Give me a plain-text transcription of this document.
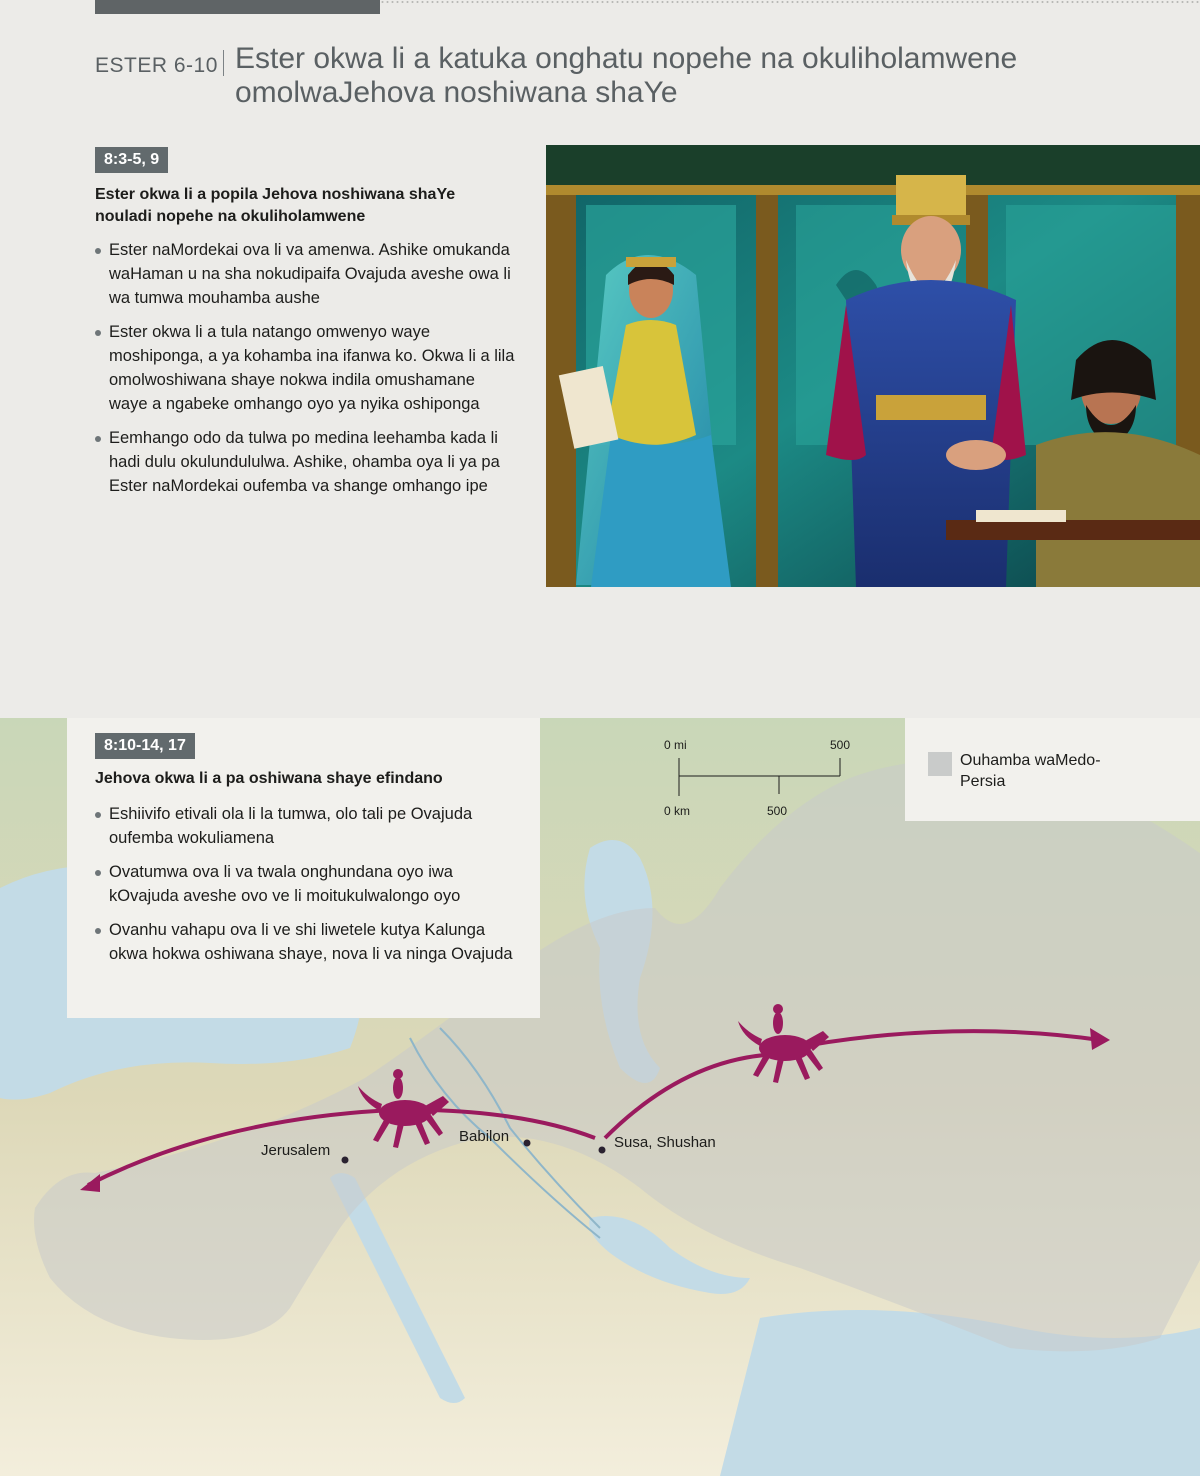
ESTER 6-10 Ester okwa li a katuka onghatu nopehe na okuliholamwene omolwaJehova noshiwana shaYe
8:3-5, 9
Ester okwa li a popila Jehova noshiwana shaYe nouladi nopehe na okuliholamwene
Ester naMordekai ova li va amenwa. Ashike omukanda waHaman u na sha nokudipaifa Ovajuda aveshe owa li wa tumwa mouhamba aushe
Ester okwa li a tula natango omwenyo waye moshiponga, a ya kohamba ina ifanwa ko. Okwa li a lila omolwoshiwana shaye nokwa indila omushamane waye a ngabeke omhango oyo ya nyika oshiponga
Eemhango odo da tulwa po medina leehamba kada li hadi dulu okulundululwa. Ashike, ohamba oya li ya pa Ester naMordekai oufemba va shange omhango ipe
0 mi	500
0 km	500
Jerusalem
Babilon	Susa, Shushan
Ouhamba waMedo-Persia
8:10-14, 17
Jehova okwa li a pa oshiwana shaye efindano
Eshiivifo etivali ola li la tumwa, olo tali pe Ovajuda oufemba wokuliamena
Ovatumwa ova li va twala onghundana oyo iwa kOvajuda aveshe ovo ve li moitukulwalongo oyo
Ovanhu vahapu ova li ve shi liwetele kutya Kalunga okwa hokwa oshiwana shaye, nova li va ninga Ovajuda
